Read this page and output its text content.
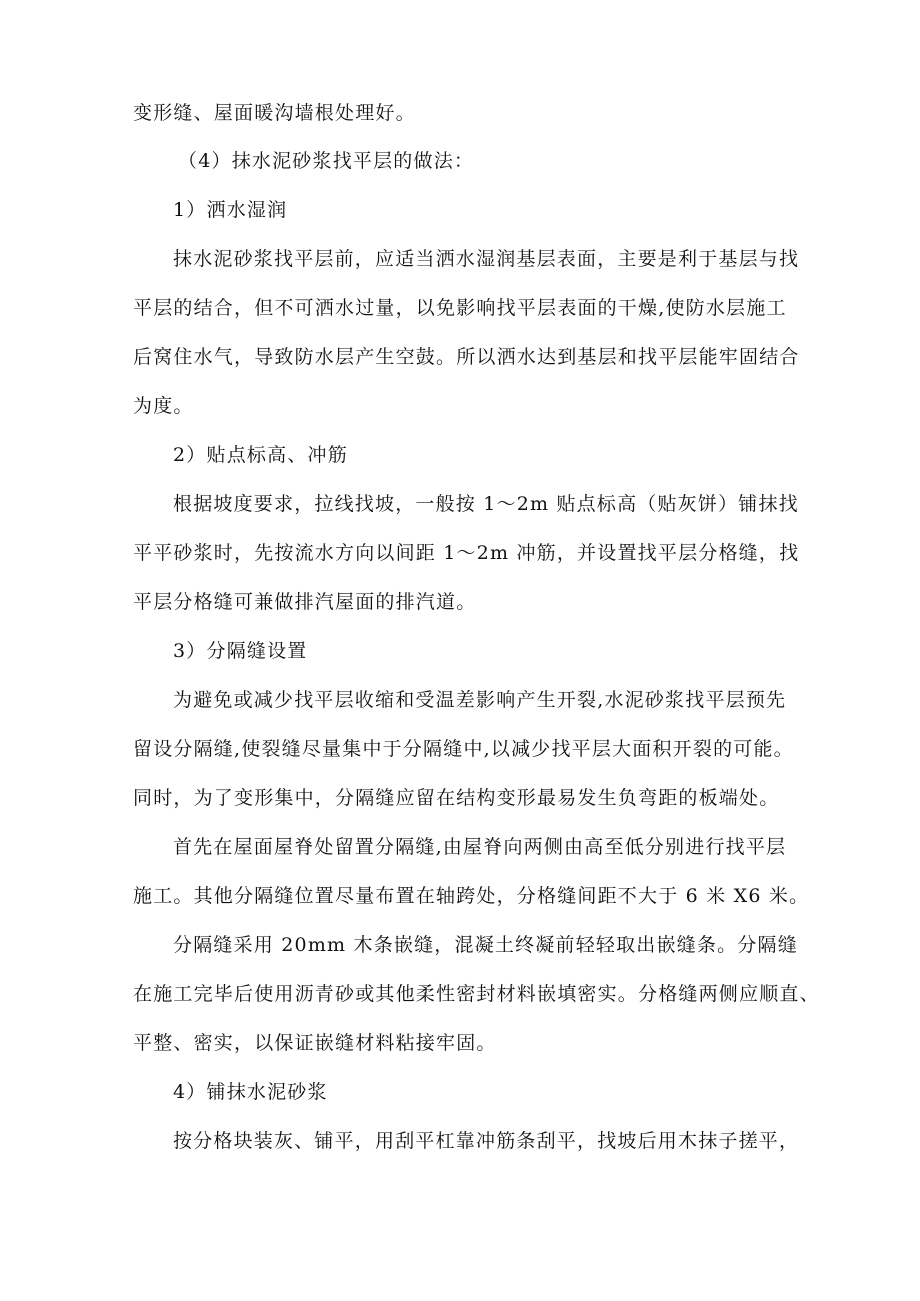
变形缝、屋面暖沟墙根处理好。
（4）抹水泥砂浆找平层的做法：
1）洒水湿润
抹水泥砂浆找平层前，应适当洒水湿润基层表面，主要是利于基层与找
平层的结合，但不可洒水过量，以免影响找平层表面的干燥,使防水层施工
后窝住水气，导致防水层产生空鼓。所以洒水达到基层和找平层能牢固结合
为度。
2）贴点标高、冲筋
根据坡度要求，拉线找坡，一般按 1～2m 贴点标高（贴灰饼）铺抹找
平平砂浆时，先按流水方向以间距 1～2m 冲筋，并设置找平层分格缝，找
平层分格缝可兼做排汽屋面的排汽道。
3）分隔缝设置
为避免或减少找平层收缩和受温差影响产生开裂,水泥砂浆找平层预先
留设分隔缝,使裂缝尽量集中于分隔缝中,以减少找平层大面积开裂的可能。
同时，为了变形集中，分隔缝应留在结构变形最易发生负弯距的板端处。
首先在屋面屋脊处留置分隔缝,由屋脊向两侧由高至低分别进行找平层
施工。其他分隔缝位置尽量布置在轴跨处，分格缝间距不大于 6 米 X6 米。
分隔缝采用 20mm 木条嵌缝，混凝土终凝前轻轻取出嵌缝条。分隔缝
在施工完毕后使用沥青砂或其他柔性密封材料嵌填密实。分格缝两侧应顺直、
平整、密实，以保证嵌缝材料粘接牢固。
4）铺抹水泥砂浆
按分格块装灰、铺平，用刮平杠靠冲筋条刮平，找坡后用木抹子搓平，
